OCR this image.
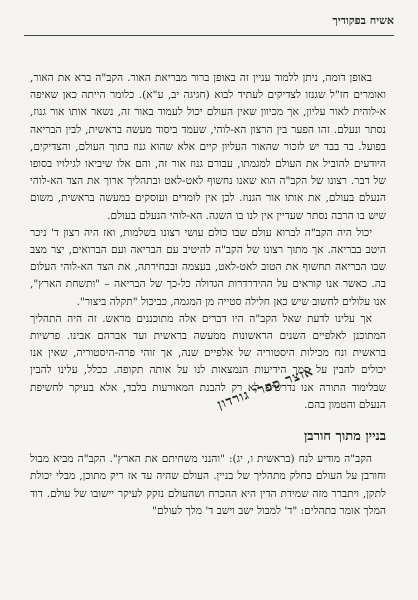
אשיח בפקודיך

באופן דומה, ניתן ללמוד עניין זה באופן ברור מבריאת האור. הקב"ה ברא את האור, ואומרים חז"ל שגנזו לצדיקים לעתיד לבוא (חגיגה יב, ע"א). כלומר הייתה כאן שאיפה א-לוהית לאור עליון, אך מכיוון שאין העולם יכול לעמוד באור זה, נשאר אותו אור גנוז, נסתר ונעלם. זהו הפער בין הרצון הא-לוהי, שעמד ביסוד מעשה בראשית, לבין הבריאה בפועל. בד בבד יש לזכור שהאור העליון קיים אלא שהוא גנוז בתוך העולם, והצדיקים, היודעים להוביל את העולם למגמתו, עבורם גנוז אור זה, והם אלו שיביאו לגילויו בסופו של דבר. רצונו של הקב"ה הוא שאנו נחשוף לאט-לאט ובתהליך ארוך את הצד הא-לוהי הנעלם בעולם, את אותו אור הגנוז. לכן אין לומדים ועוסקים במעשה בראשית, משום שיש בו הרבה נסתר שעדיין אין לנו בו השגה. הא-לוהי הנעלם בעולם.

יכול היה הקב"ה לברוא עולם שבו כולם עושי רצונו בשלמות, ואז היה רצון ד' ניכר היטב בבריאה. אך מתוך רצונו של הקב"ה להיטיב עם הבריאה ועם הברואים, יצר מצב שבו הבריאה תחשוף את הטוב לאט-לאט, בעצמה ובבחירתה, את הצד הא-לוהי העלום בה. כאשר אנו קוראים על ההידרדרות הגדולה כל-כך של הבריאה – "ותשחת הארץ", אנו עלולים לחשוב שיש כאן חלילה סטייה מן המגמה, כביכול "תקלה ביצור".

אך עלינו לדעת שאל הקב"ה היו דברים אלה מתוכננים מראש. זה היה התהליך המתוכנן לאלפיים השנים הראשונות ממעשה בראשית ועד אברהם אבינו. פרשיות בראשית ונח מכילות היסטוריה של אלפיים שנה, אך זוהי פרה-היסטוריה, שאין אנו יכולים להבין על סמך הידיעות הנמצאות לנו על אותה תקופה. ככלל, עלינו להבין שבלימוד התורה אנו נדרשים לא רק להבנת המאורעות בלבד, אלא בעיקר לחשיפת הנעלם והטמון בהם.

בניין מתוך חורבן

הקב"ה מודיע לנח (בראשית ו, יג): "והנני משחיתם את הארץ". הקב"ה מביא מבול וחורבן על העולם כחלק מתהליך של בניין. העולם שהיה עד אז ריק מתוכן, מבלי יכולת לתקן, ויתברר מזה שמידת הדין היא ההכרח ושהעולם נזקק לעיקר יישובו של עולם. דוד המלך אומר בתהלים: "ד' למבול ישב וישב ד' מלך לעולם"

אוצר ספרי גורדון
